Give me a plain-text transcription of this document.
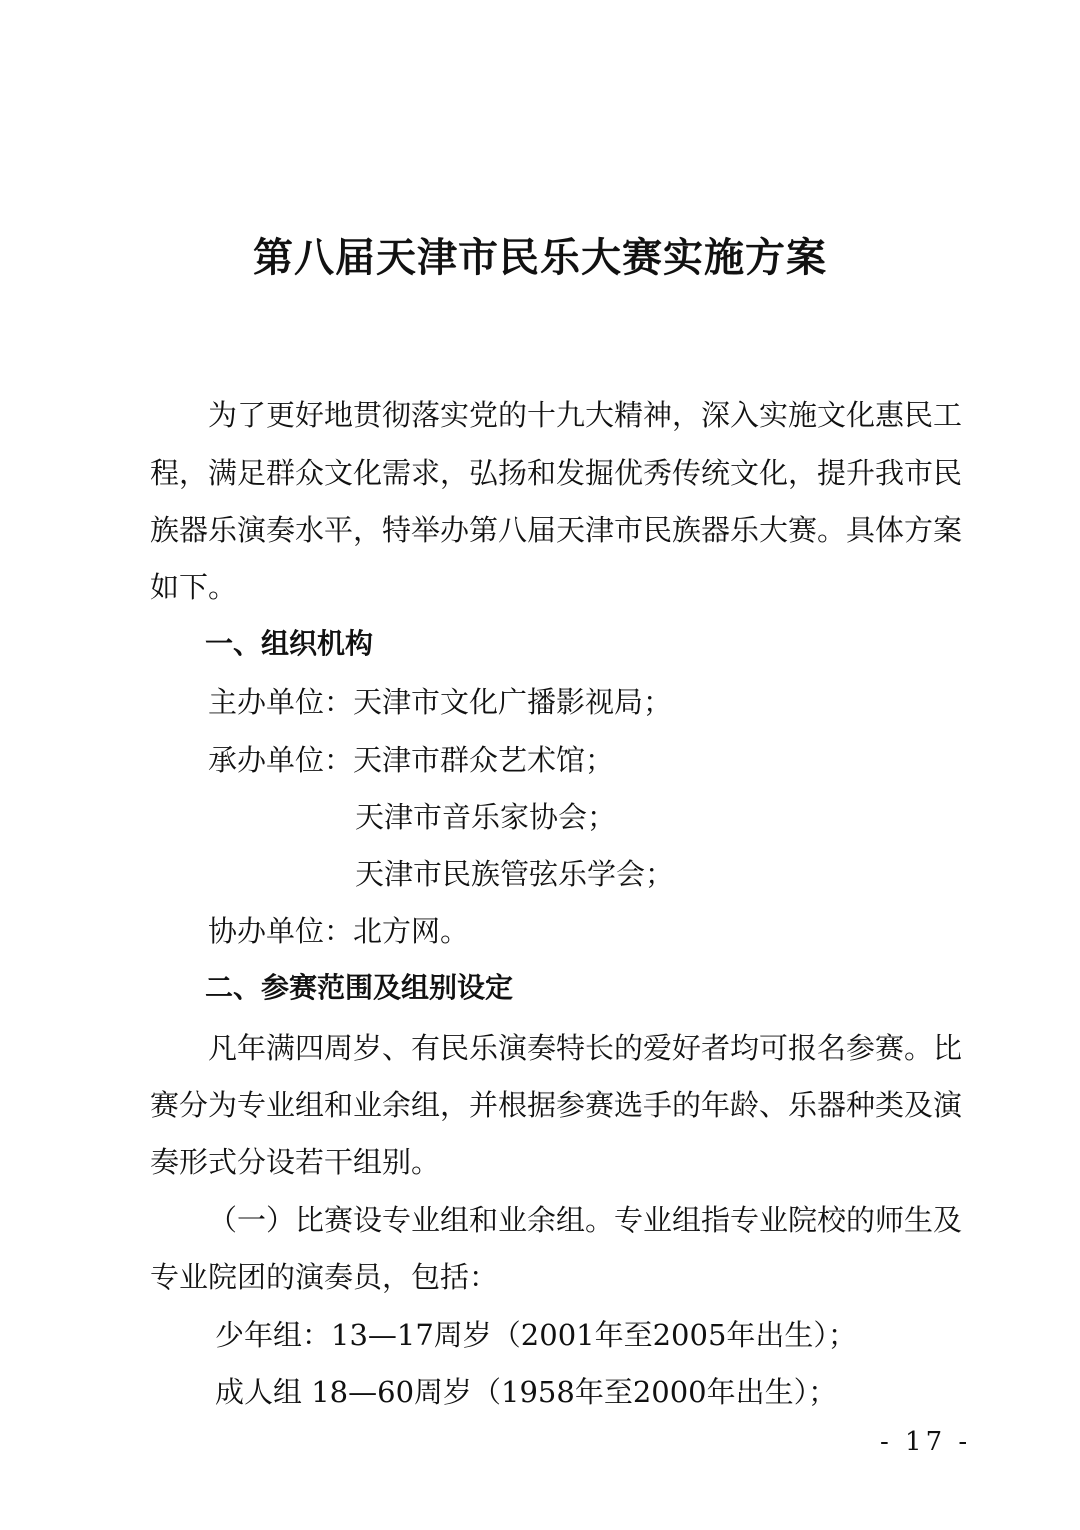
第八届天津市民乐大赛实施方案
为了更好地贯彻落实党的十九大精神，深入实施文化惠民工
程，满足群众文化需求，弘扬和发掘优秀传统文化，提升我市民
族器乐演奏水平，特举办第八届天津市民族器乐大赛。具体方案
如下。
一、组织机构
主办单位：天津市文化广播影视局；
承办单位：天津市群众艺术馆；
天津市音乐家协会；
天津市民族管弦乐学会；
协办单位：北方网。
二、参赛范围及组别设定
凡年满四周岁、有民乐演奏特长的爱好者均可报名参赛。比
赛分为专业组和业余组，并根据参赛选手的年龄、乐器种类及演
奏形式分设若干组别。
（一）比赛设专业组和业余组。专业组指专业院校的师生及
专业院团的演奏员，包括：
少年组：13—17周岁（2001年至2005年出生）；
成人组 18—60周岁（1958年至2000年出生）；
- 17 -
